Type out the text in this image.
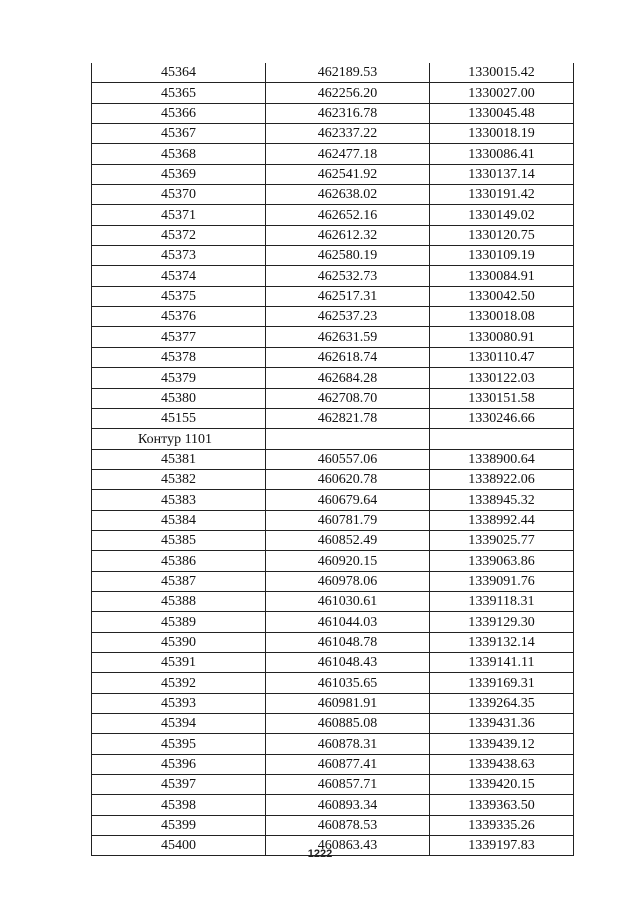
45364	462189.53	1330015.42
45365	462256.20	1330027.00
45366	462316.78	1330045.48
45367	462337.22	1330018.19
45368	462477.18	1330086.41
45369	462541.92	1330137.14
45370	462638.02	1330191.42
45371	462652.16	1330149.02
45372	462612.32	1330120.75
45373	462580.19	1330109.19
45374	462532.73	1330084.91
45375	462517.31	1330042.50
45376	462537.23	1330018.08
45377	462631.59	1330080.91
45378	462618.74	1330110.47
45379	462684.28	1330122.03
45380	462708.70	1330151.58
45155	462821.78	1330246.66
Контур 1101		
45381	460557.06	1338900.64
45382	460620.78	1338922.06
45383	460679.64	1338945.32
45384	460781.79	1338992.44
45385	460852.49	1339025.77
45386	460920.15	1339063.86
45387	460978.06	1339091.76
45388	461030.61	1339118.31
45389	461044.03	1339129.30
45390	461048.78	1339132.14
45391	461048.43	1339141.11
45392	461035.65	1339169.31
45393	460981.91	1339264.35
45394	460885.08	1339431.36
45395	460878.31	1339439.12
45396	460877.41	1339438.63
45397	460857.71	1339420.15
45398	460893.34	1339363.50
45399	460878.53	1339335.26
45400	460863.43	1339197.83
1222
